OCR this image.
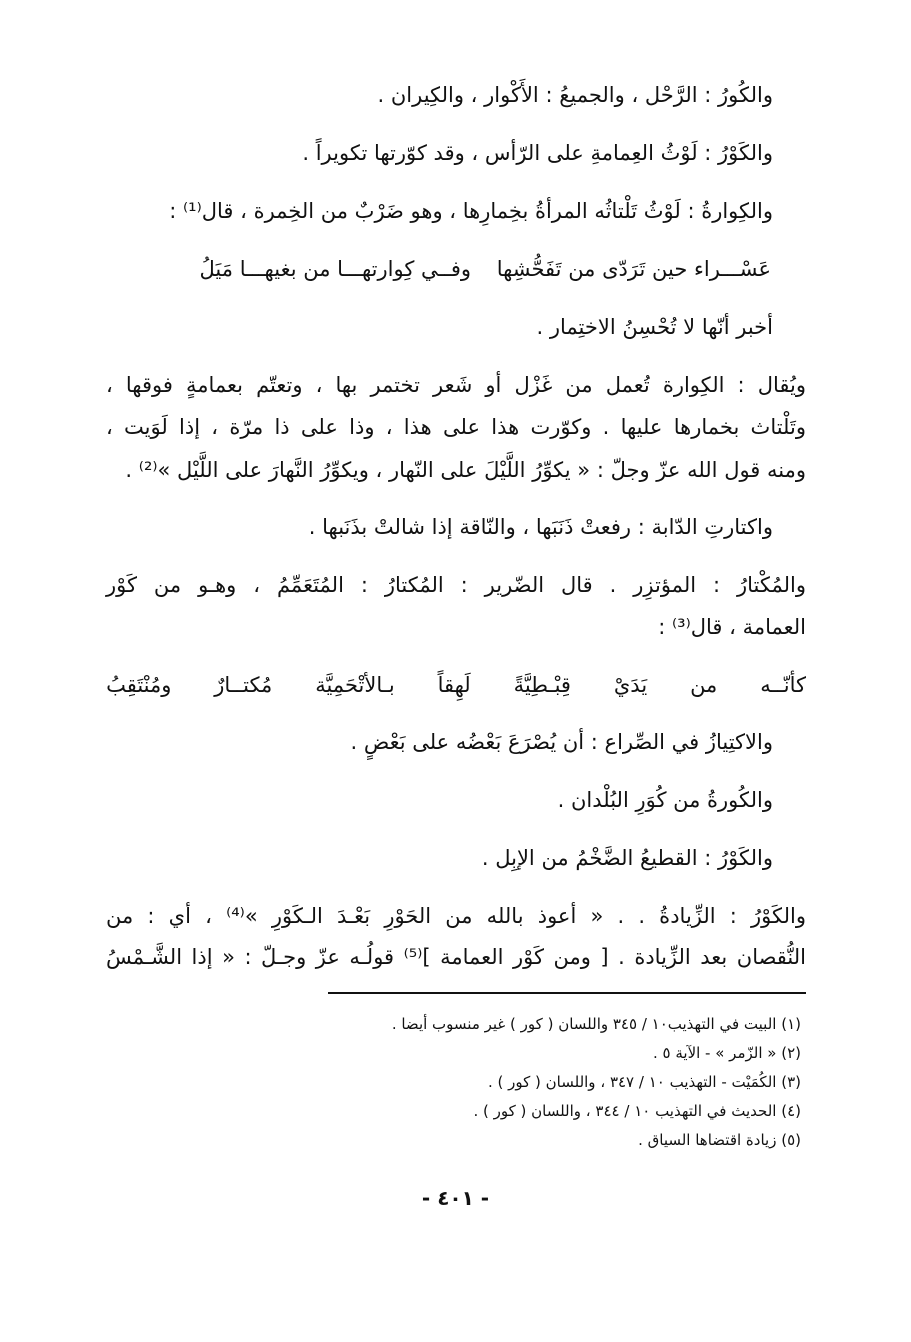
والكُورُ : الرَّحْل ، والجميعُ : الأَكْوار ، والكِيران .
والكَوْرُ : لَوْثُ العِمامةِ على الرّأس ، وقد كوّرتها تكويراً .
والكِوارةُ : لَوْثُ تَلْتاثُه المرأةُ بخِمارِها ، وهو ضَرْبٌ من الخِمرة ، قال⁽¹⁾ :
عَسْـــراء حين تَرَدّى من تَفَحُّشِها
وفــي كِوارتهـــا من بغيهـــا مَيَلُ
أخبر أنّها لا تُحْسِنُ الاختِمار .
ويُقال : الكِوارة تُعمل من غَزْل أو شَعر تختمر بها ، وتعتّم بعمامةٍ فوقها ،
وتَلْتاث بخمارها عليها . وكوّرت هذا على هذا ، وذا على ذا مرّة ، إذا لَوَيت ،
ومنه قول الله عزّ وجلّ : « يكوِّرُ اللَّيْلَ على النّهار ، ويكوِّرُ النَّهارَ على اللَّيْل »⁽²⁾ .
واكتارتِ الدّابة : رفعتْ ذَنَبَها ، والنّاقة إذا شالتْ بذَنَبها .
والمُكْتارُ : المؤتزِر . قال الضّرير : المُكتارُ : المُتَعَمِّمُ ، وهـو من كَوْر
العمامة ، قال⁽³⁾ :
كأنّــه
من
يَدَيْ
قِبْـطِيَّةً
لَهِقاً
بـالأتْحَمِيَّة
مُكتــارٌ
ومُنْتَقِبُ
والاكتِيازُ في الصِّراع : أن يُصْرَعَ بَعْضُه على بَعْضٍ .
والكُورةُ من كُوَرِ البُلْدان .
والكَوْرُ : القطيعُ الضَّخْمُ من الإبِل .
والكَوْرُ : الزِّيادةُ . . « أعوذ بالله من الحَوْرِ بَعْـدَ الـكَوْرِ »⁽⁴⁾ ، أي : من
النُّقصان بعد الزِّيادة . [ ومن كَوْر العمامة ]⁽⁵⁾ قولُـه عزّ وجـلّ : « إذا الشَّـمْسُ
(١) البيت في التهذيب١٠ / ٣٤٥ واللسان ( كور ) غير منسوب أيضا .
(٢) « الزّمر » - الآية ٥ .
(٣) الكُمَيْت - التهذيب ١٠ / ٣٤٧ ، واللسان ( كور ) .
(٤) الحديث في التهذيب ١٠ / ٣٤٤ ، واللسان ( كور ) .
(٥) زيادة اقتضاها السياق .
- ٤٠١ -
